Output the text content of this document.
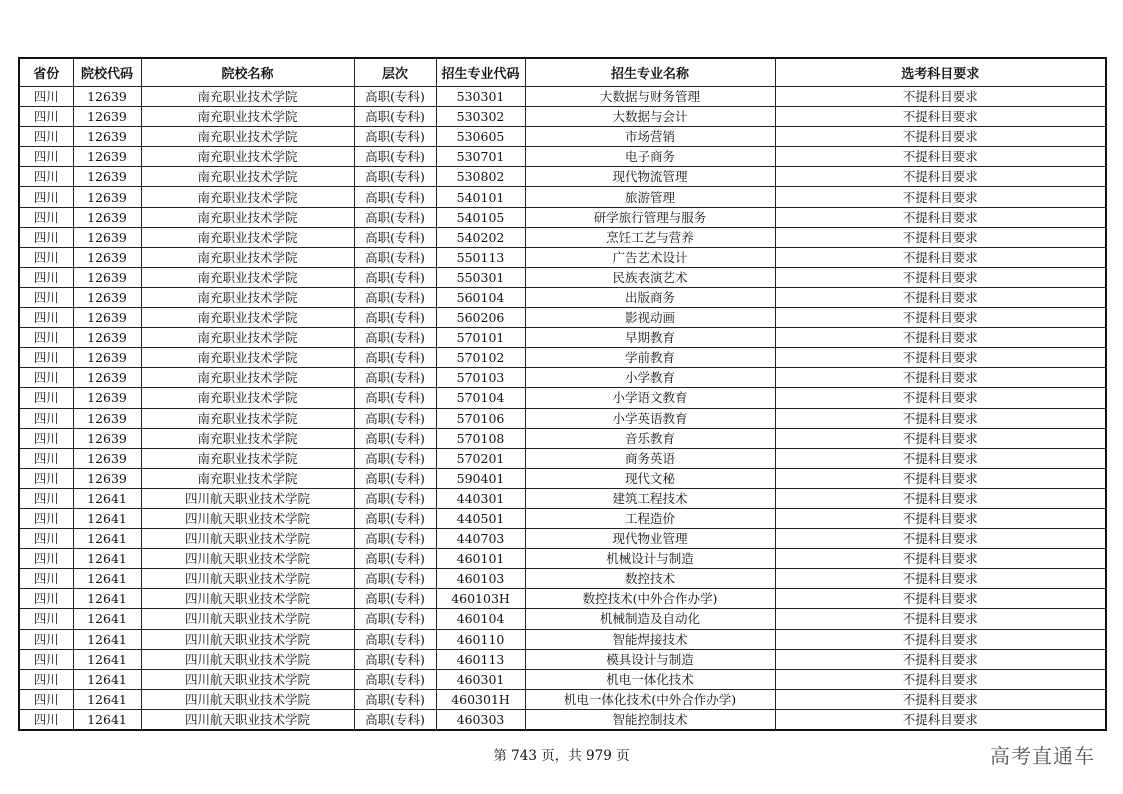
省份	院校代码	院校名称	层次	招生专业代码	招生专业名称	选考科目要求
四川	12639	南充职业技术学院	高职(专科)	530301	大数据与财务管理	不提科目要求
四川	12639	南充职业技术学院	高职(专科)	530302	大数据与会计	不提科目要求
四川	12639	南充职业技术学院	高职(专科)	530605	市场营销	不提科目要求
四川	12639	南充职业技术学院	高职(专科)	530701	电子商务	不提科目要求
四川	12639	南充职业技术学院	高职(专科)	530802	现代物流管理	不提科目要求
四川	12639	南充职业技术学院	高职(专科)	540101	旅游管理	不提科目要求
四川	12639	南充职业技术学院	高职(专科)	540105	研学旅行管理与服务	不提科目要求
四川	12639	南充职业技术学院	高职(专科)	540202	烹饪工艺与营养	不提科目要求
四川	12639	南充职业技术学院	高职(专科)	550113	广告艺术设计	不提科目要求
四川	12639	南充职业技术学院	高职(专科)	550301	民族表演艺术	不提科目要求
四川	12639	南充职业技术学院	高职(专科)	560104	出版商务	不提科目要求
四川	12639	南充职业技术学院	高职(专科)	560206	影视动画	不提科目要求
四川	12639	南充职业技术学院	高职(专科)	570101	早期教育	不提科目要求
四川	12639	南充职业技术学院	高职(专科)	570102	学前教育	不提科目要求
四川	12639	南充职业技术学院	高职(专科)	570103	小学教育	不提科目要求
四川	12639	南充职业技术学院	高职(专科)	570104	小学语文教育	不提科目要求
四川	12639	南充职业技术学院	高职(专科)	570106	小学英语教育	不提科目要求
四川	12639	南充职业技术学院	高职(专科)	570108	音乐教育	不提科目要求
四川	12639	南充职业技术学院	高职(专科)	570201	商务英语	不提科目要求
四川	12639	南充职业技术学院	高职(专科)	590401	现代文秘	不提科目要求
四川	12641	四川航天职业技术学院	高职(专科)	440301	建筑工程技术	不提科目要求
四川	12641	四川航天职业技术学院	高职(专科)	440501	工程造价	不提科目要求
四川	12641	四川航天职业技术学院	高职(专科)	440703	现代物业管理	不提科目要求
四川	12641	四川航天职业技术学院	高职(专科)	460101	机械设计与制造	不提科目要求
四川	12641	四川航天职业技术学院	高职(专科)	460103	数控技术	不提科目要求
四川	12641	四川航天职业技术学院	高职(专科)	460103H	数控技术(中外合作办学)	不提科目要求
四川	12641	四川航天职业技术学院	高职(专科)	460104	机械制造及自动化	不提科目要求
四川	12641	四川航天职业技术学院	高职(专科)	460110	智能焊接技术	不提科目要求
四川	12641	四川航天职业技术学院	高职(专科)	460113	模具设计与制造	不提科目要求
四川	12641	四川航天职业技术学院	高职(专科)	460301	机电一体化技术	不提科目要求
四川	12641	四川航天职业技术学院	高职(专科)	460301H	机电一体化技术(中外合作办学)	不提科目要求
四川	12641	四川航天职业技术学院	高职(专科)	460303	智能控制技术	不提科目要求
第 743 页，共 979 页	高考直通车
